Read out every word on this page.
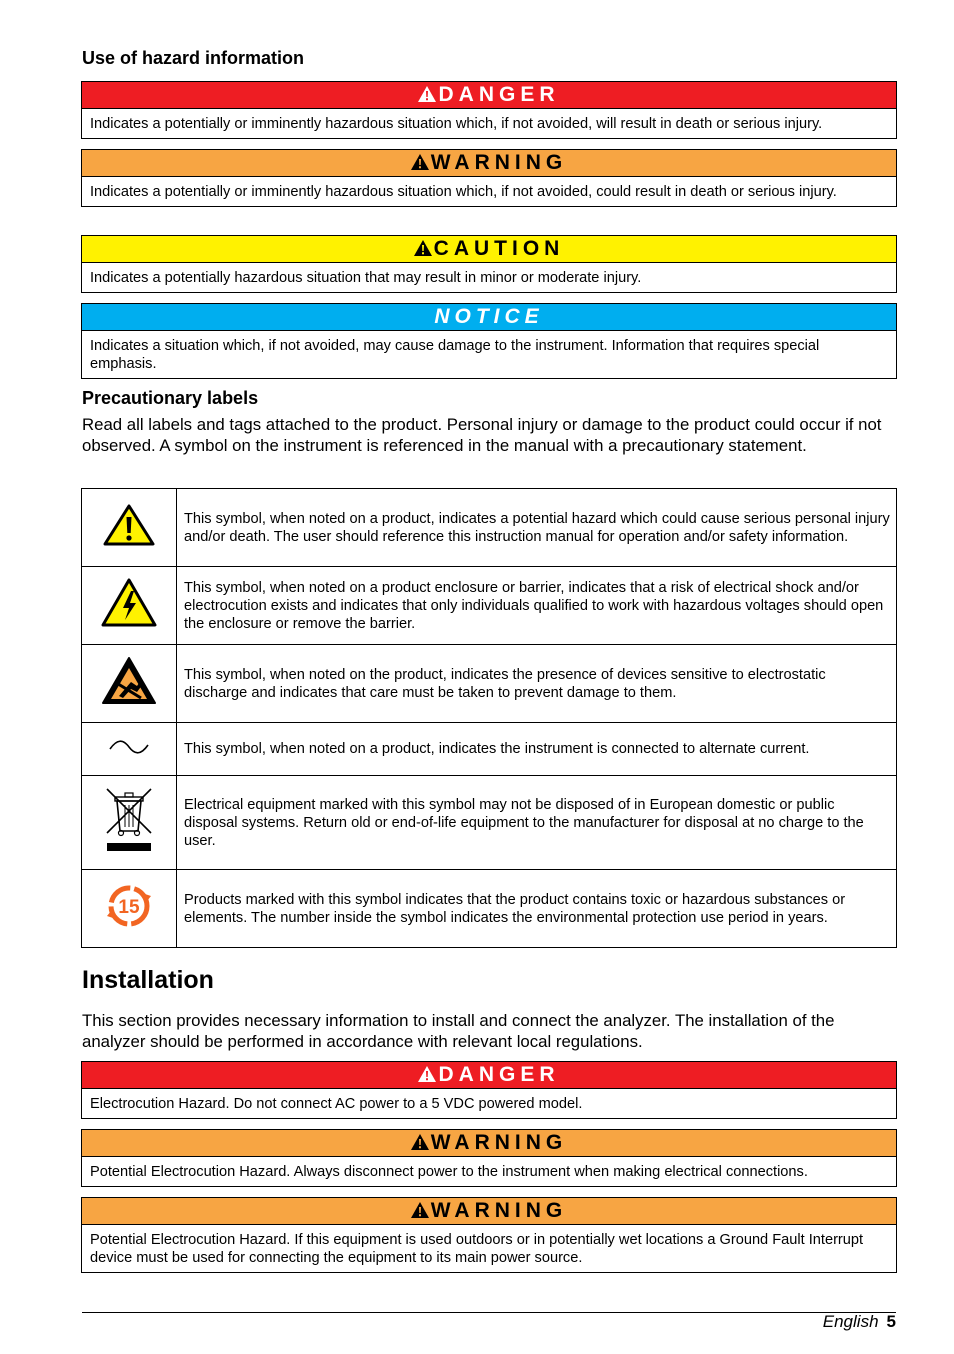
Use of hazard information
DANGER
Indicates a potentially or imminently hazardous situation which, if not avoided, will result in death or serious injury.
WARNING
Indicates a potentially or imminently hazardous situation which, if not avoided, could result in death or serious injury.
CAUTION
Indicates a potentially hazardous situation that may result in minor or moderate injury.
NOTICE
Indicates a situation which, if not avoided, may cause damage to the instrument. Information that requires special emphasis.
Precautionary labels

Read all labels and tags attached to the product. Personal injury or damage to the product could occur if not observed. A symbol on the instrument is referenced in the manual with a precautionary statement.

	This symbol, when noted on a product, indicates a potential hazard which could cause serious personal injury and/or death. The user should reference this instruction manual for operation and/or safety information.
	This symbol, when noted on a product enclosure or barrier, indicates that a risk of electrical shock and/or electrocution exists and indicates that only individuals qualified to work with hazardous voltages should open the enclosure or remove the barrier.
	This symbol, when noted on the product, indicates the presence of devices sensitive to electrostatic discharge and indicates that care must be taken to prevent damage to them.
	This symbol, when noted on a product, indicates the instrument is connected to alternate current.
	Electrical equipment marked with this symbol may not be disposed of in European domestic or public disposal systems. Return old or end-of-life equipment to the manufacturer for disposal at no charge to the user.

15	Products marked with this symbol indicates that the product contains toxic or hazardous substances or elements. The number inside the symbol indicates the environmental protection use period in years.
Installation

This section provides necessary information to install and connect the analyzer. The installation of the analyzer should be performed in accordance with relevant local regulations.

DANGER
Electrocution Hazard. Do not connect AC power to a 5 VDC powered model.
WARNING
Potential Electrocution Hazard. Always disconnect power to the instrument when making electrical connections.
WARNING
Potential Electrocution Hazard. If this equipment is used outdoors or in potentially wet locations a Ground Fault Interrupt device must be used for connecting the equipment to its main power source.
English 5
